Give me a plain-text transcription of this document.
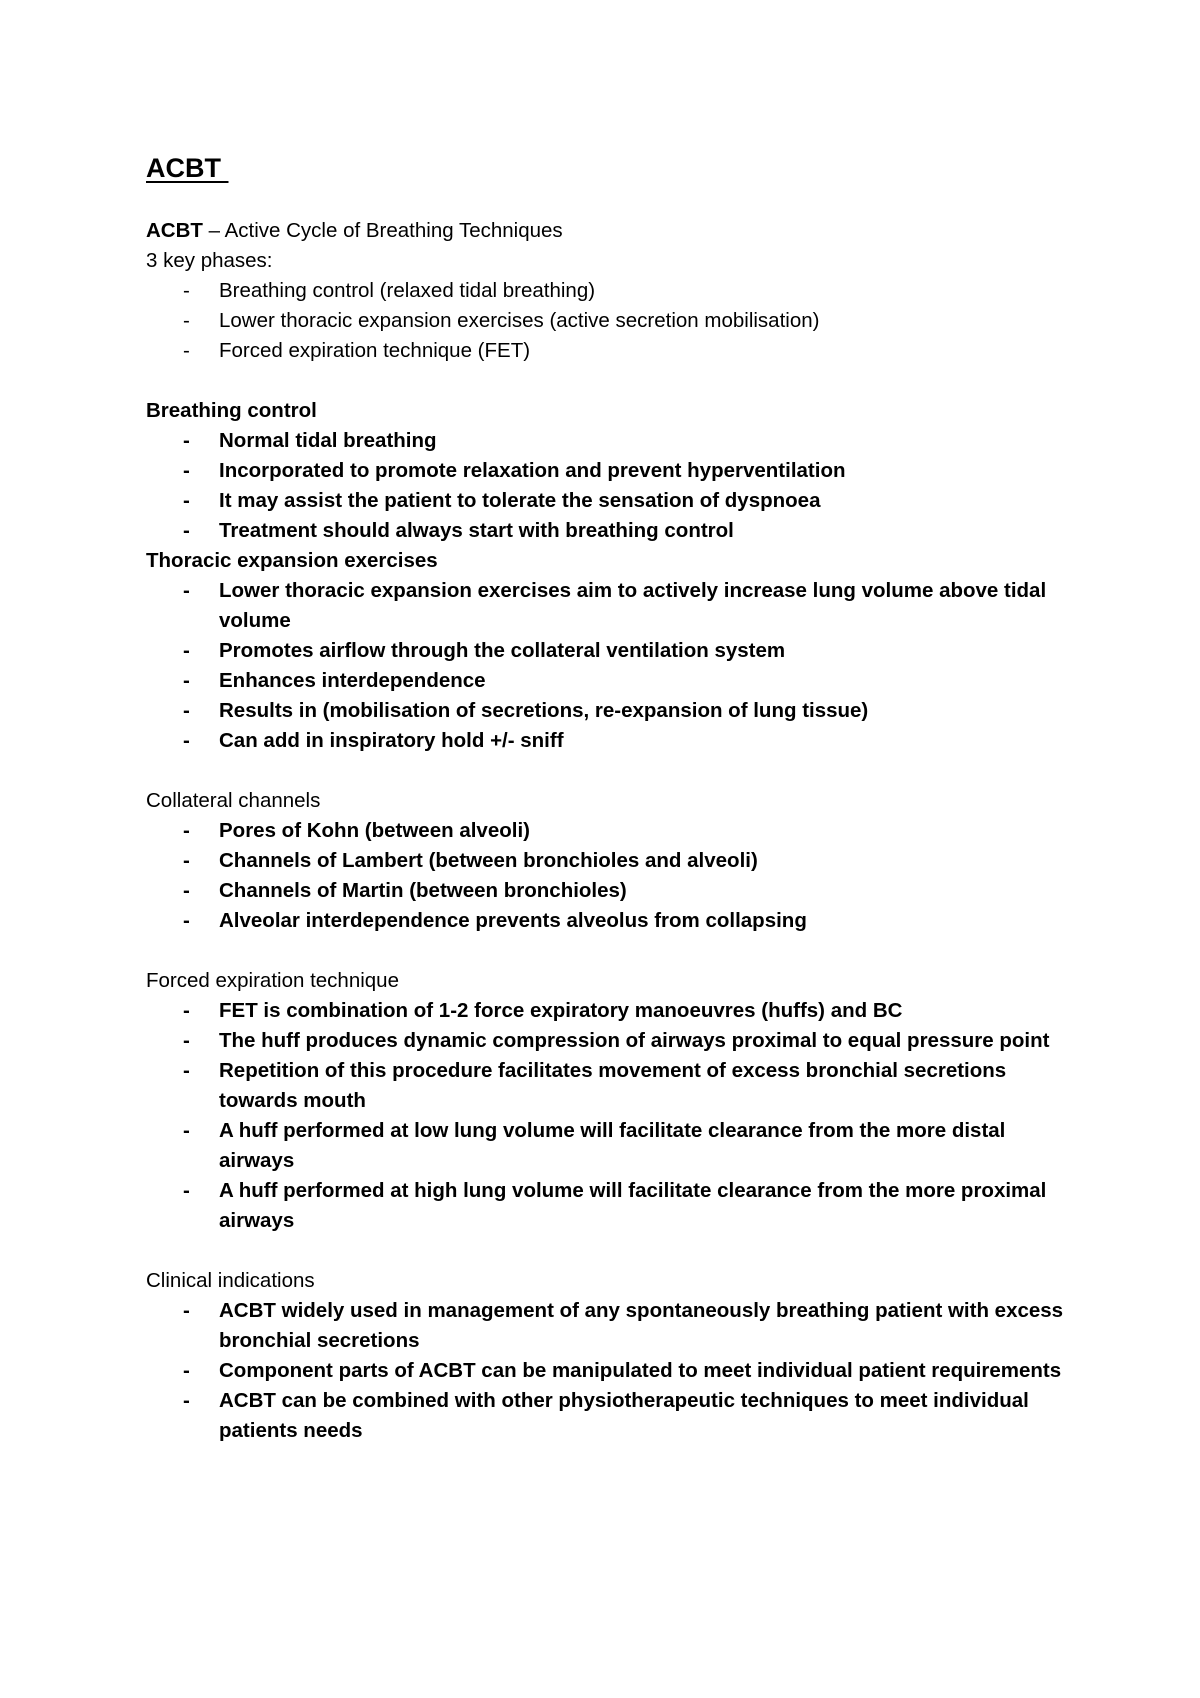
ACBT

ACBT – Active Cycle of Breathing Techniques

3 key phases:

- Breathing control (relaxed tidal breathing)
- Lower thoracic expansion exercises (active secretion mobilisation)
- Forced expiration technique (FET)

Breathing control

- Normal tidal breathing
- Incorporated to promote relaxation and prevent hyperventilation
- It may assist the patient to tolerate the sensation of dyspnoea
- Treatment should always start with breathing control

Thoracic expansion exercises

- Lower thoracic expansion exercises aim to actively increase lung volume above tidal volume
- Promotes airflow through the collateral ventilation system
- Enhances interdependence
- Results in (mobilisation of secretions, re-expansion of lung tissue)
- Can add in inspiratory hold +/- sniff

Collateral channels

- Pores of Kohn (between alveoli)
- Channels of Lambert (between bronchioles and alveoli)
- Channels of Martin (between bronchioles)
- Alveolar interdependence prevents alveolus from collapsing

Forced expiration technique

- FET is combination of 1-2 force expiratory manoeuvres (huffs) and BC
- The huff produces dynamic compression of airways proximal to equal pressure point
- Repetition of this procedure facilitates movement of excess bronchial secretions towards mouth
- A huff performed at low lung volume will facilitate clearance from the more distal airways
- A huff performed at high lung volume will facilitate clearance from the more proximal airways

Clinical indications

- ACBT widely used in management of any spontaneously breathing patient with excess bronchial secretions
- Component parts of ACBT can be manipulated to meet individual patient requirements
- ACBT can be combined with other physiotherapeutic techniques to meet individual patients needs
